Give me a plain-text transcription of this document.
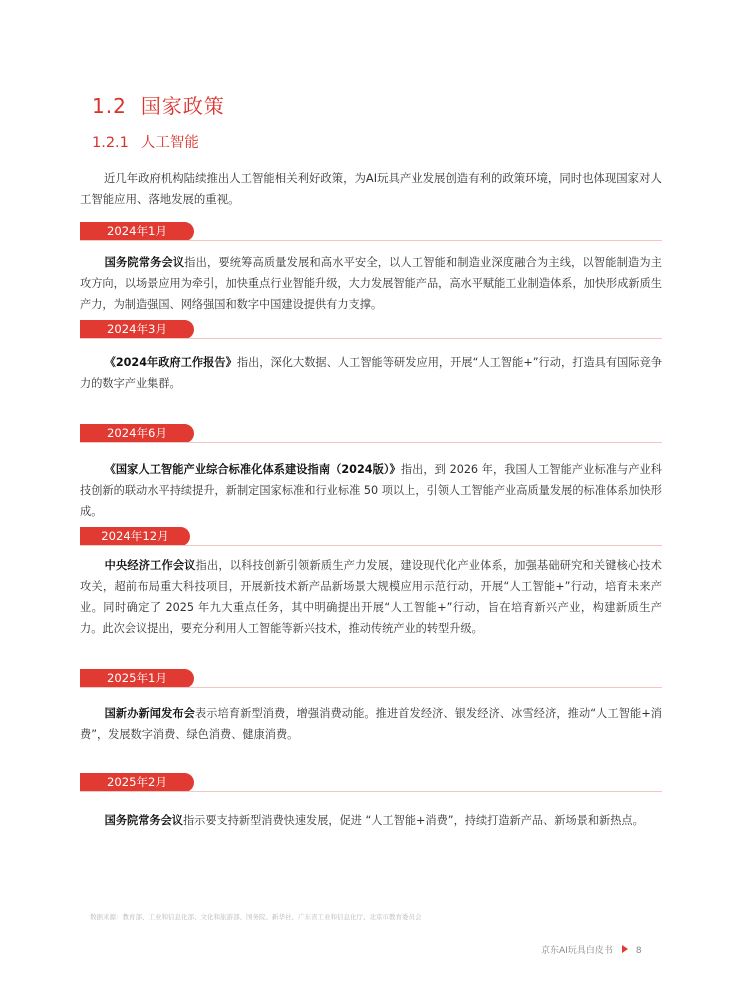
1.2 国家政策
1.2.1 人工智能
近几年政府机构陆续推出人工智能相关利好政策，为AI玩具产业发展创造有利的政策环境，同时也体现国家对人工智能应用、落地发展的重视。
2024年1月
国务院常务会议指出，要统筹高质量发展和高水平安全，以人工智能和制造业深度融合为主线，以智能制造为主攻方向，以场景应用为牵引，加快重点行业智能升级，大力发展智能产品，高水平赋能工业制造体系，加快形成新质生产力，为制造强国、网络强国和数字中国建设提供有力支撑。
2024年3月
《2024年政府工作报告》指出，深化大数据、人工智能等研发应用，开展“人工智能+”行动，打造具有国际竞争力的数字产业集群。
2024年6月
《国家人工智能产业综合标准化体系建设指南（2024版）》指出，到 2026 年，我国人工智能产业标准与产业科技创新的联动水平持续提升，新制定国家标准和行业标准 50 项以上，引领人工智能产业高质量发展的标准体系加快形成。
2024年12月
中央经济工作会议指出，以科技创新引领新质生产力发展，建设现代化产业体系，加强基础研究和关键核心技术攻关，超前布局重大科技项目，开展新技术新产品新场景大规模应用示范行动，开展“人工智能+”行动，培育未来产业。同时确定了 2025 年九大重点任务，其中明确提出开展“人工智能+”行动，旨在培育新兴产业，构建新质生产力。此次会议提出，要充分利用人工智能等新兴技术，推动传统产业的转型升级。
2025年1月
国新办新闻发布会表示培育新型消费，增强消费动能。推进首发经济、银发经济、冰雪经济，推动“人工智能+消费”，发展数字消费、绿色消费、健康消费。
2025年2月
国务院常务会议指示要支持新型消费快速发展，促进 “人工智能+消费”，持续打造新产品、新场景和新热点。
数据来源：教育部、工业和信息化部、文化和旅游部、国务院、新华社、广东省工业和信息化厅、北京市教育委员会
京东AI玩具白皮书	8
